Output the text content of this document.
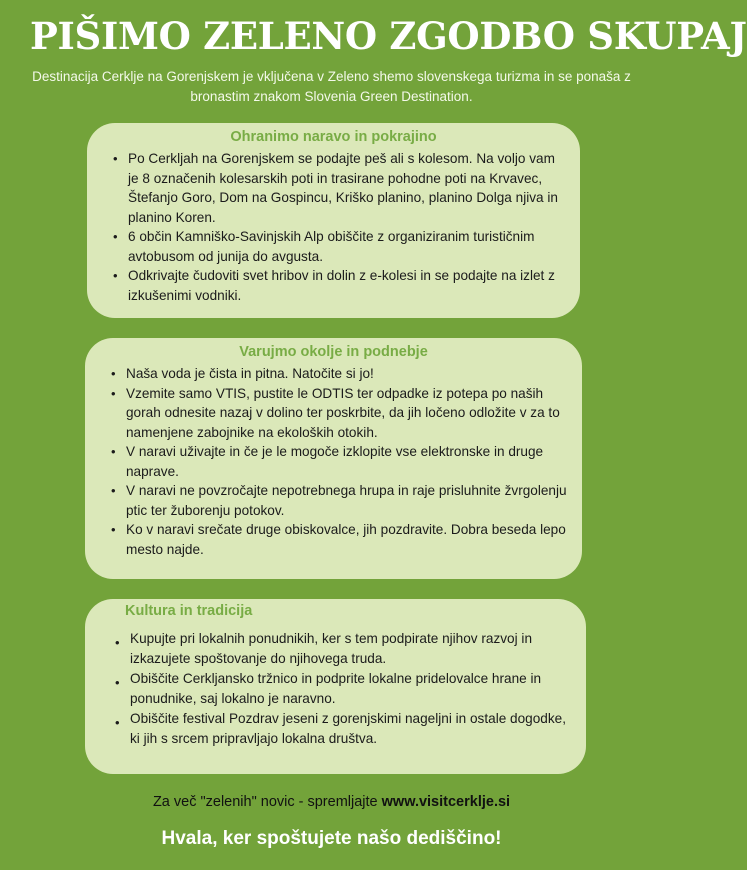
PIŠIMO ZELENO ZGODBO SKUPAJ
Destinacija Cerklje na Gorenjskem je vključena v Zeleno shemo slovenskega turizma in se ponaša z bronastim znakom Slovenia Green Destination.
Ohranimo naravo in pokrajino
• Po Cerkljah na Gorenjskem se podajte peš ali s kolesom. Na voljo vam je 8 označenih kolesarskih poti in trasirane pohodne poti na Krvavec, Štefanjo Goro, Dom na Gospincu, Kriško planino, planino Dolga njiva in planino Koren.
• 6 občin Kamniško-Savinjskih Alp obiščite z organiziranim turističnim avtobusom od junija do avgusta.
• Odkrivajte čudoviti svet hribov in dolin z e-kolesi in se podajte na izlet z izkušenimi vodniki.
Varujmo okolje in podnebje
• Naša voda je čista in pitna. Natočite si jo!
• Vzemite samo VTIS, pustite le ODTIS ter odpadke iz potepa po naših gorah odnesite nazaj v dolino ter poskrbite, da jih ločeno odložite v za to namenjene zabojnike na ekoloških otokih.
• V naravi uživajte in če je le mogoče izklopite vse elektronske in druge naprave.
• V naravi ne povzročajte nepotrebnega hrupa in raje prisluhnite žvrgolenju ptic ter žuborenju potokov.
• Ko v naravi srečate druge obiskovalce, jih pozdravite. Dobra beseda lepo mesto najde.
Kultura in tradicija
• Kupujte pri lokalnih ponudnikih, ker s tem podpirate njihov razvoj in izkazujete spoštovanje do njihovega truda.
• Obiščite Cerkljansko tržnico in podprite lokalne pridelovalce hrane in ponudnike, saj lokalno je naravno.
• Obiščite festival Pozdrav jeseni z gorenjskimi nageljni in ostale dogodke, ki jih s srcem pripravljajo lokalna društva.
Za več "zelenih" novic - spremljajte www.visitcerklje.si
Hvala, ker spoštujete našo dediščino!
